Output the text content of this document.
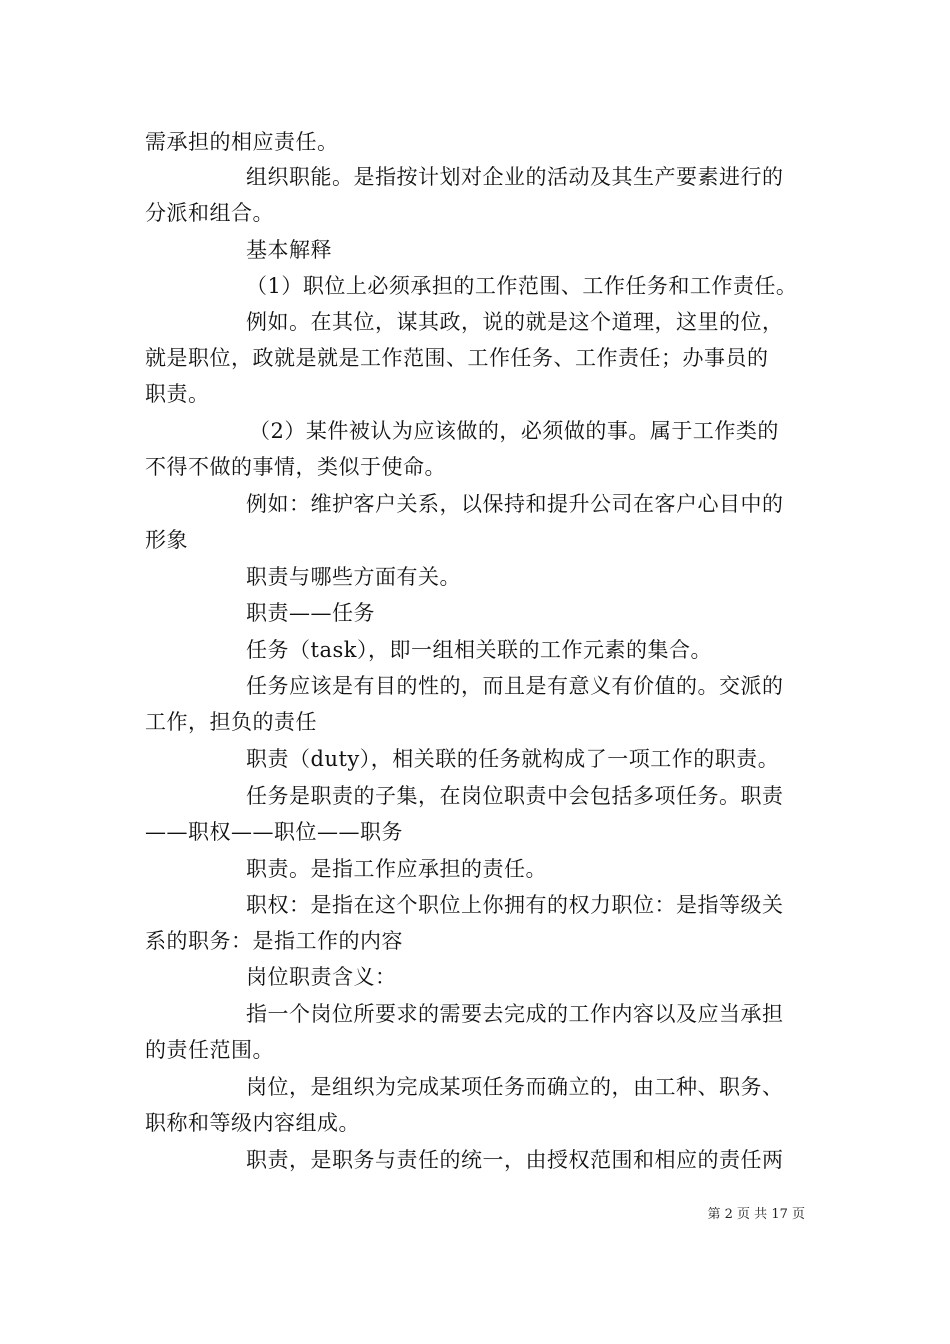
需承担的相应责任。
组织职能。是指按计划对企业的活动及其生产要素进行的
分派和组合。
基本解释
（1）职位上必须承担的工作范围、工作任务和工作责任。
例如。在其位，谋其政，说的就是这个道理，这里的位，
就是职位，政就是就是工作范围、工作任务、工作责任；办事员的
职责。
（2）某件被认为应该做的，必须做的事。属于工作类的
不得不做的事情，类似于使命。
例如：维护客户关系，以保持和提升公司在客户心目中的
形象
职责与哪些方面有关。
职责——任务
任务（task），即一组相关联的工作元素的集合。
任务应该是有目的性的，而且是有意义有价值的。交派的
工作，担负的责任
职责（duty），相关联的任务就构成了一项工作的职责。
任务是职责的子集，在岗位职责中会包括多项任务。职责
——职权——职位——职务
职责。是指工作应承担的责任。
职权：是指在这个职位上你拥有的权力职位：是指等级关
系的职务：是指工作的内容
岗位职责含义：
指一个岗位所要求的需要去完成的工作内容以及应当承担
的责任范围。
岗位，是组织为完成某项任务而确立的，由工种、职务、
职称和等级内容组成。
职责，是职务与责任的统一，由授权范围和相应的责任两
第 2 页 共 17 页
